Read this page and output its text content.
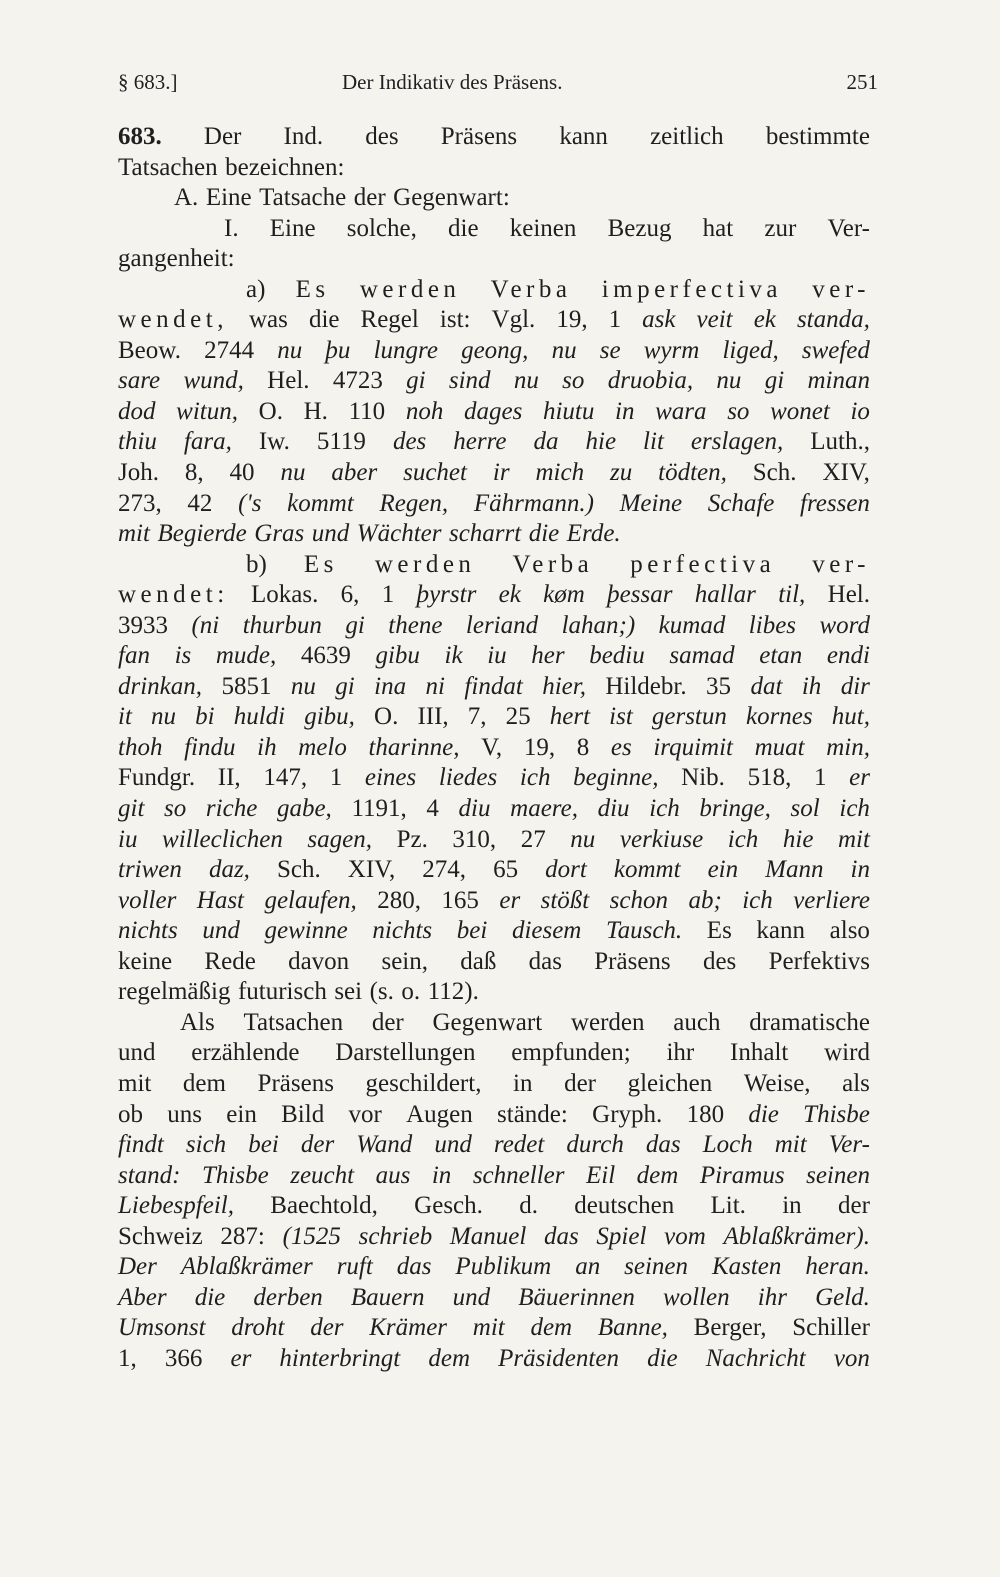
§ 683.]	Der Indikativ des Präsens.	251
683. Der Ind. des Präsens kann zeitlich bestimmte
Tatsachen bezeichnen:
A. Eine Tatsache der Gegenwart:
I. Eine solche, die keinen Bezug hat zur Ver-
gangenheit:
a) Es werden Verba imperfectiva ver-
wendet, was die Regel ist: Vgl. 19, 1 ask veit ek standa,
Beow. 2744 nu þu lungre geong, nu se wyrm liged, swefed
sare wund, Hel. 4723 gi sind nu so druobia, nu gi minan
dod witun, O. H. 110 noh dages hiutu in wara so wonet io
thiu fara, Iw. 5119 des herre da hie lit erslagen, Luth.,
Joh. 8, 40 nu aber suchet ir mich zu tödten, Sch. XIV,
273, 42 ('s kommt Regen, Fährmann.) Meine Schafe fressen
mit Begierde Gras und Wächter scharrt die Erde.
b) Es werden Verba perfectiva ver-
wendet: Lokas. 6, 1 þyrstr ek køm þessar hallar til, Hel.
3933 (ni thurbun gi thene leriand lahan;) kumad libes word
fan is mude, 4639 gibu ik iu her bediu samad etan endi
drinkan, 5851 nu gi ina ni findat hier, Hildebr. 35 dat ih dir
it nu bi huldi gibu, O. III, 7, 25 hert ist gerstun kornes hut,
thoh findu ih melo tharinne, V, 19, 8 es irquimit muat min,
Fundgr. II, 147, 1 eines liedes ich beginne, Nib. 518, 1 er
git so riche gabe, 1191, 4 diu maere, diu ich bringe, sol ich
iu willeclichen sagen, Pz. 310, 27 nu verkiuse ich hie mit
triwen daz, Sch. XIV, 274, 65 dort kommt ein Mann in
voller Hast gelaufen, 280, 165 er stößt schon ab; ich verliere
nichts und gewinne nichts bei diesem Tausch. Es kann also
keine Rede davon sein, daß das Präsens des Perfektivs
regelmäßig futurisch sei (s. o. 112).
Als Tatsachen der Gegenwart werden auch dramatische
und erzählende Darstellungen empfunden; ihr Inhalt wird
mit dem Präsens geschildert, in der gleichen Weise, als
ob uns ein Bild vor Augen stände: Gryph. 180 die Thisbe
findt sich bei der Wand und redet durch das Loch mit Ver-
stand: Thisbe zeucht aus in schneller Eil dem Piramus seinen
Liebespfeil, Baechtold, Gesch. d. deutschen Lit. in der
Schweiz 287: (1525 schrieb Manuel das Spiel vom Ablaßkrämer).
Der Ablaßkrämer ruft das Publikum an seinen Kasten heran.
Aber die derben Bauern und Bäuerinnen wollen ihr Geld.
Umsonst droht der Krämer mit dem Banne, Berger, Schiller
1, 366 er hinterbringt dem Präsidenten die Nachricht von
